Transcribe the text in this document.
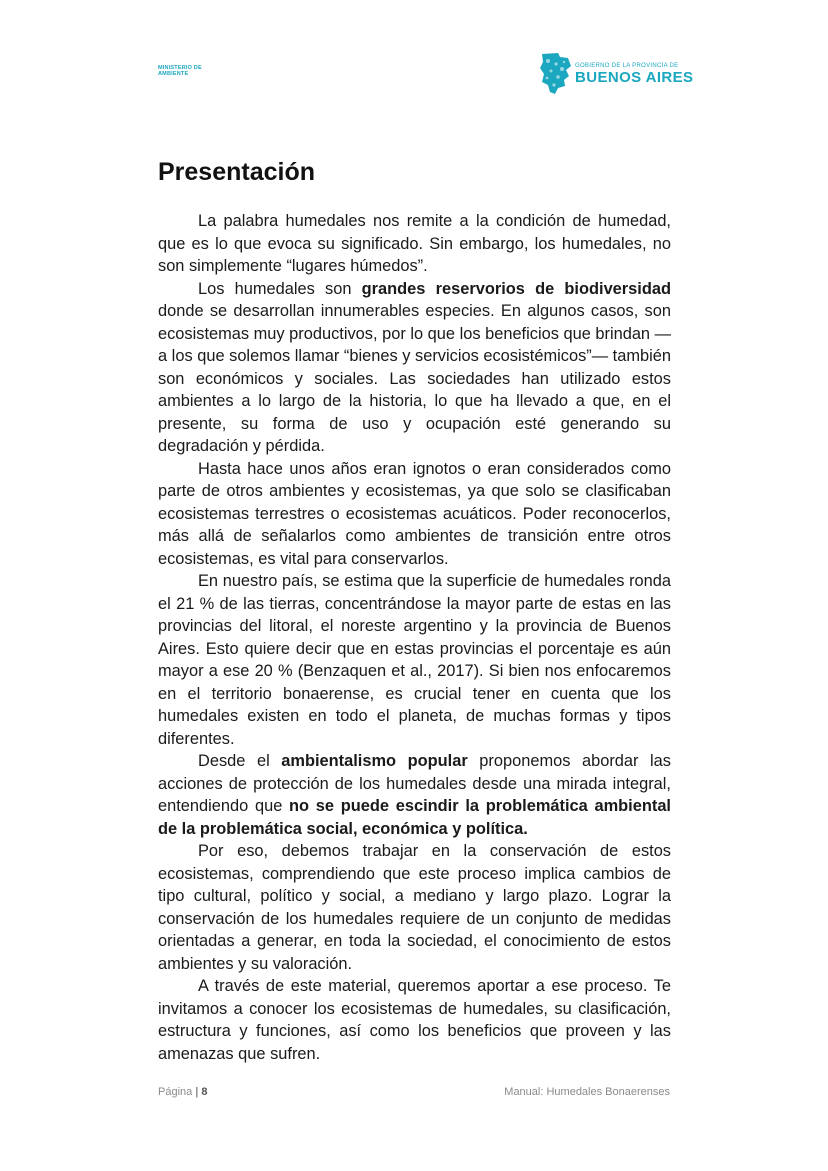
MINISTERIO DE
AMBIENTE
GOBIERNO DE LA PROVINCIA DE
BUENOS AIRES
Presentación

La palabra humedales nos remite a la condición de humedad, que es lo que evoca su significado. Sin embargo, los humedales, no son simplemente “lugares húmedos”.

Los humedales son grandes reservorios de biodiversidad donde se desarrollan innumerables especies. En algunos casos, son ecosistemas muy productivos, por lo que los beneficios que brindan —a los que solemos llamar “bienes y servicios ecosistémicos”— también son económicos y sociales. Las sociedades han utilizado estos ambientes a lo largo de la historia, lo que ha llevado a que, en el presente, su forma de uso y ocupación esté generando su degradación y pérdida.

Hasta hace unos años eran ignotos o eran considerados como parte de otros ambientes y ecosistemas, ya que solo se clasificaban ecosistemas terrestres o ecosistemas acuáticos. Poder reconocerlos, más allá de señalarlos como ambientes de transición entre otros ecosistemas, es vital para conservarlos.

En nuestro país, se estima que la superficie de humedales ronda el 21 % de las tierras, concentrándose la mayor parte de estas en las provincias del litoral, el noreste argentino y la provincia de Buenos Aires. Esto quiere decir que en estas provincias el porcentaje es aún mayor a ese 20 % (Benzaquen et al., 2017). Si bien nos enfocaremos en el territorio bonaerense, es crucial tener en cuenta que los humedales existen en todo el planeta, de muchas formas y tipos diferentes.

Desde el ambientalismo popular proponemos abordar las acciones de protección de los humedales desde una mirada integral, entendiendo que no se puede escindir la problemática ambiental de la problemática social, económica y política.

Por eso, debemos trabajar en la conservación de estos ecosistemas, comprendiendo que este proceso implica cambios de tipo cultural, político y social, a mediano y largo plazo. Lograr la conservación de los humedales requiere de un conjunto de medidas orientadas a generar, en toda la sociedad, el conocimiento de estos ambientes y su valoración.

A través de este material, queremos aportar a ese proceso. Te invitamos a conocer los ecosistemas de humedales, su clasificación, estructura y funciones, así como los beneficios que proveen y las amenazas que sufren.

Página | 8	Manual: Humedales Bonaerenses
